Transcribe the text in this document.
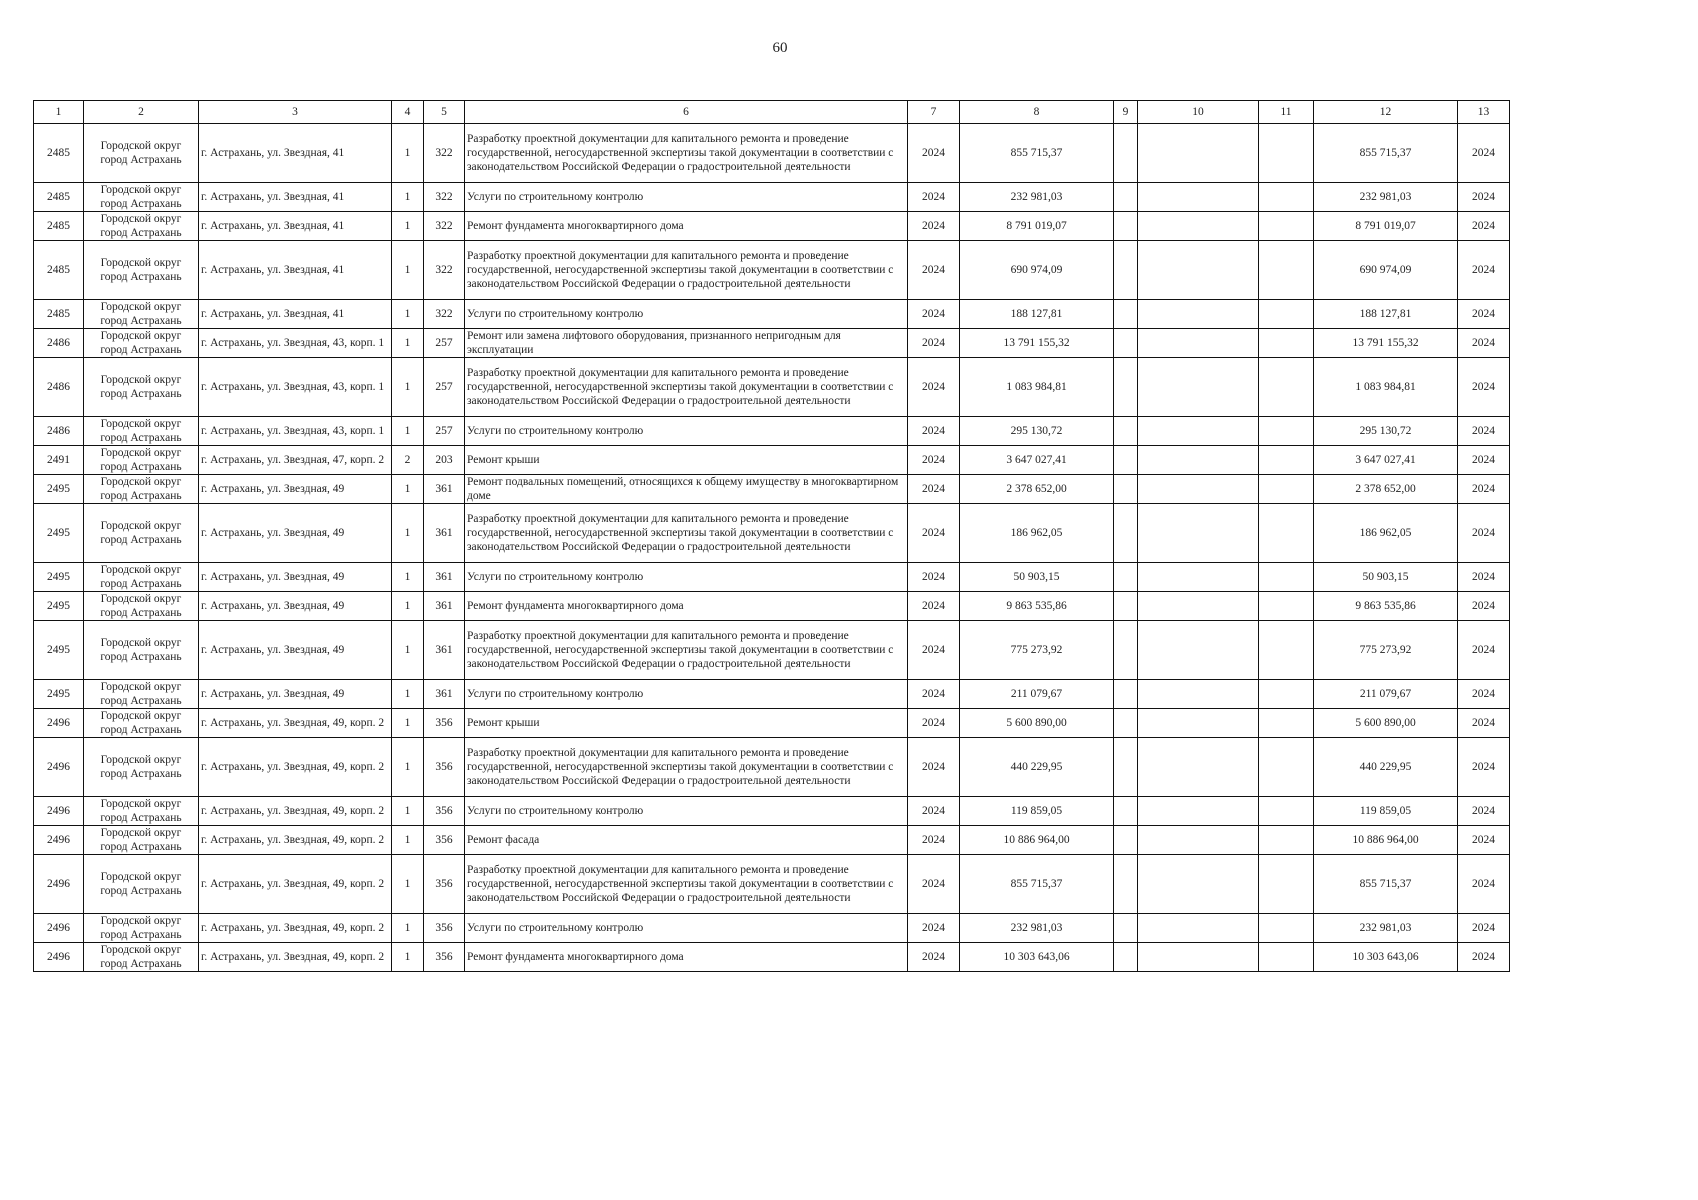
60
1	2	3	4	5	6	7	8	9	10	11	12	13
2485	Городской округ город Астрахань	г. Астрахань, ул. Звездная, 41	1	322	Разработку проектной документации для капитального ремонта и проведение государственной, негосударственной экспертизы такой документации в соответствии с законодательством Российской Федерации о градостроительной деятельности	2024	855 715,37				855 715,37	2024
2485	Городской округ город Астрахань	г. Астрахань, ул. Звездная, 41	1	322	Услуги по строительному контролю	2024	232 981,03				232 981,03	2024
2485	Городской округ город Астрахань	г. Астрахань, ул. Звездная, 41	1	322	Ремонт фундамента многоквартирного дома	2024	8 791 019,07				8 791 019,07	2024
2485	Городской округ город Астрахань	г. Астрахань, ул. Звездная, 41	1	322	Разработку проектной документации для капитального ремонта и проведение государственной, негосударственной экспертизы такой документации в соответствии с законодательством Российской Федерации о градостроительной деятельности	2024	690 974,09				690 974,09	2024
2485	Городской округ город Астрахань	г. Астрахань, ул. Звездная, 41	1	322	Услуги по строительному контролю	2024	188 127,81				188 127,81	2024
2486	Городской округ город Астрахань	г. Астрахань, ул. Звездная, 43, корп. 1	1	257	Ремонт или замена лифтового оборудования, признанного непригодным для эксплуатации	2024	13 791 155,32				13 791 155,32	2024
2486	Городской округ город Астрахань	г. Астрахань, ул. Звездная, 43, корп. 1	1	257	Разработку проектной документации для капитального ремонта и проведение государственной, негосударственной экспертизы такой документации в соответствии с законодательством Российской Федерации о градостроительной деятельности	2024	1 083 984,81				1 083 984,81	2024
2486	Городской округ город Астрахань	г. Астрахань, ул. Звездная, 43, корп. 1	1	257	Услуги по строительному контролю	2024	295 130,72				295 130,72	2024
2491	Городской округ город Астрахань	г. Астрахань, ул. Звездная, 47, корп. 2	2	203	Ремонт крыши	2024	3 647 027,41				3 647 027,41	2024
2495	Городской округ город Астрахань	г. Астрахань, ул. Звездная, 49	1	361	Ремонт подвальных помещений, относящихся к общему имуществу в многоквартирном доме	2024	2 378 652,00				2 378 652,00	2024
2495	Городской округ город Астрахань	г. Астрахань, ул. Звездная, 49	1	361	Разработку проектной документации для капитального ремонта и проведение государственной, негосударственной экспертизы такой документации в соответствии с законодательством Российской Федерации о градостроительной деятельности	2024	186 962,05				186 962,05	2024
2495	Городской округ город Астрахань	г. Астрахань, ул. Звездная, 49	1	361	Услуги по строительному контролю	2024	50 903,15				50 903,15	2024
2495	Городской округ город Астрахань	г. Астрахань, ул. Звездная, 49	1	361	Ремонт фундамента многоквартирного дома	2024	9 863 535,86				9 863 535,86	2024
2495	Городской округ город Астрахань	г. Астрахань, ул. Звездная, 49	1	361	Разработку проектной документации для капитального ремонта и проведение государственной, негосударственной экспертизы такой документации в соответствии с законодательством Российской Федерации о градостроительной деятельности	2024	775 273,92				775 273,92	2024
2495	Городской округ город Астрахань	г. Астрахань, ул. Звездная, 49	1	361	Услуги по строительному контролю	2024	211 079,67				211 079,67	2024
2496	Городской округ город Астрахань	г. Астрахань, ул. Звездная, 49, корп. 2	1	356	Ремонт крыши	2024	5 600 890,00				5 600 890,00	2024
2496	Городской округ город Астрахань	г. Астрахань, ул. Звездная, 49, корп. 2	1	356	Разработку проектной документации для капитального ремонта и проведение государственной, негосударственной экспертизы такой документации в соответствии с законодательством Российской Федерации о градостроительной деятельности	2024	440 229,95				440 229,95	2024
2496	Городской округ город Астрахань	г. Астрахань, ул. Звездная, 49, корп. 2	1	356	Услуги по строительному контролю	2024	119 859,05				119 859,05	2024
2496	Городской округ город Астрахань	г. Астрахань, ул. Звездная, 49, корп. 2	1	356	Ремонт фасада	2024	10 886 964,00				10 886 964,00	2024
2496	Городской округ город Астрахань	г. Астрахань, ул. Звездная, 49, корп. 2	1	356	Разработку проектной документации для капитального ремонта и проведение государственной, негосударственной экспертизы такой документации в соответствии с законодательством Российской Федерации о градостроительной деятельности	2024	855 715,37				855 715,37	2024
2496	Городской округ город Астрахань	г. Астрахань, ул. Звездная, 49, корп. 2	1	356	Услуги по строительному контролю	2024	232 981,03				232 981,03	2024
2496	Городской округ город Астрахань	г. Астрахань, ул. Звездная, 49, корп. 2	1	356	Ремонт фундамента многоквартирного дома	2024	10 303 643,06				10 303 643,06	2024
